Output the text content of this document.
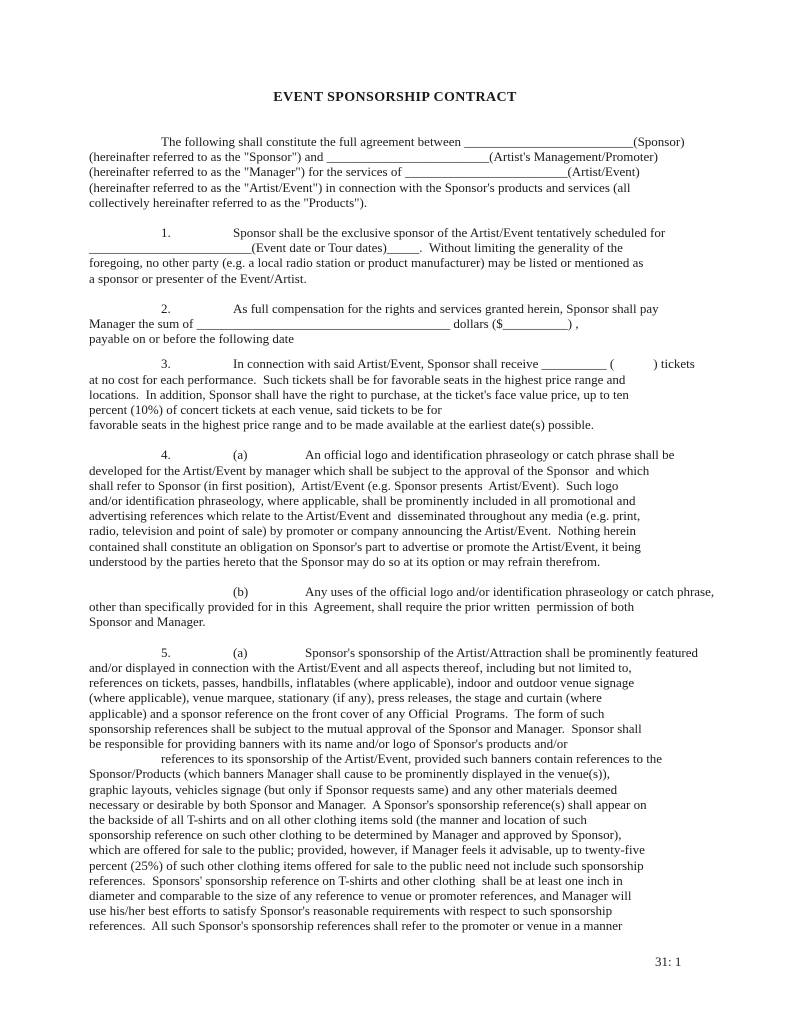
EVENT SPONSORSHIP CONTRACT
	The following shall constitute the full agreement between __________________________(Sponsor)
(hereinafter referred to as the "Sponsor") and _________________________(Artist's Management/Promoter)
(hereinafter referred to as the "Manager") for the services of _________________________(Artist/Event)
(hereinafter referred to as the "Artist/Event") in connection with the Sponsor's products and services (all
collectively hereinafter referred to as the "Products").
	1.	Sponsor shall be the exclusive sponsor of the Artist/Event tentatively scheduled for
_________________________(Event date or Tour dates)_____.  Without limiting the generality of the
foregoing, no other party (e.g. a local radio station or product manufacturer) may be listed or mentioned as
a sponsor or presenter of the Event/Artist.
	2.	As full compensation for the rights and services granted herein, Sponsor shall pay
Manager the sum of _______________________________________ dollars ($__________) ,
payable on or before the following date
	3.	In connection with said Artist/Event, Sponsor shall receive __________ (            ) tickets
at no cost for each performance.  Such tickets shall be for favorable seats in the highest price range and
locations.  In addition, Sponsor shall have the right to purchase, at the ticket's face value price, up to ten
percent (10%) of concert tickets at each venue, said tickets to be for
favorable seats in the highest price range and to be made available at the earliest date(s) possible.
	4.	(a)	An official logo and identification phraseology or catch phrase shall be
developed for the Artist/Event by manager which shall be subject to the approval of the Sponsor  and which
shall refer to Sponsor (in first position),  Artist/Event (e.g. Sponsor presents  Artist/Event).  Such logo
and/or identification phraseology, where applicable, shall be prominently included in all promotional and
advertising references which relate to the Artist/Event and  disseminated throughout any media (e.g. print,
radio, television and point of sale) by promoter or company announcing the Artist/Event.  Nothing herein
contained shall constitute an obligation on Sponsor's part to advertise or promote the Artist/Event, it being
understood by the parties hereto that the Sponsor may do so at its option or may refrain therefrom.
		(b)	Any uses of the official logo and/or identification phraseology or catch phrase,
other than specifically provided for in this  Agreement, shall require the prior written  permission of both
Sponsor and Manager.
	5.	(a)	Sponsor's sponsorship of the Artist/Attraction shall be prominently featured
and/or displayed in connection with the Artist/Event and all aspects thereof, including but not limited to,
references on tickets, passes, handbills, inflatables (where applicable), indoor and outdoor venue signage
(where applicable), venue marquee, stationary (if any), press releases, the stage and curtain (where
applicable) and a sponsor reference on the front cover of any Official  Programs.  The form of such
sponsorship references shall be subject to the mutual approval of the Sponsor and Manager.  Sponsor shall
be responsible for providing banners with its name and/or logo of Sponsor's products and/or
	references to its sponsorship of the Artist/Event, provided such banners contain references to the
Sponsor/Products (which banners Manager shall cause to be prominently displayed in the venue(s)),
graphic layouts, vehicles signage (but only if Sponsor requests same) and any other materials deemed
necessary or desirable by both Sponsor and Manager.  A Sponsor's sponsorship reference(s) shall appear on
the backside of all T-shirts and on all other clothing items sold (the manner and location of such
sponsorship reference on such other clothing to be determined by Manager and approved by Sponsor),
which are offered for sale to the public; provided, however, if Manager feels it advisable, up to twenty-five
percent (25%) of such other clothing items offered for sale to the public need not include such sponsorship
references.  Sponsors' sponsorship reference on T-shirts and other clothing  shall be at least one inch in
diameter and comparable to the size of any reference to venue or promoter references, and Manager will
use his/her best efforts to satisfy Sponsor's reasonable requirements with respect to such sponsorship
references.  All such Sponsor's sponsorship references shall refer to the promoter or venue in a manner
31: 1
